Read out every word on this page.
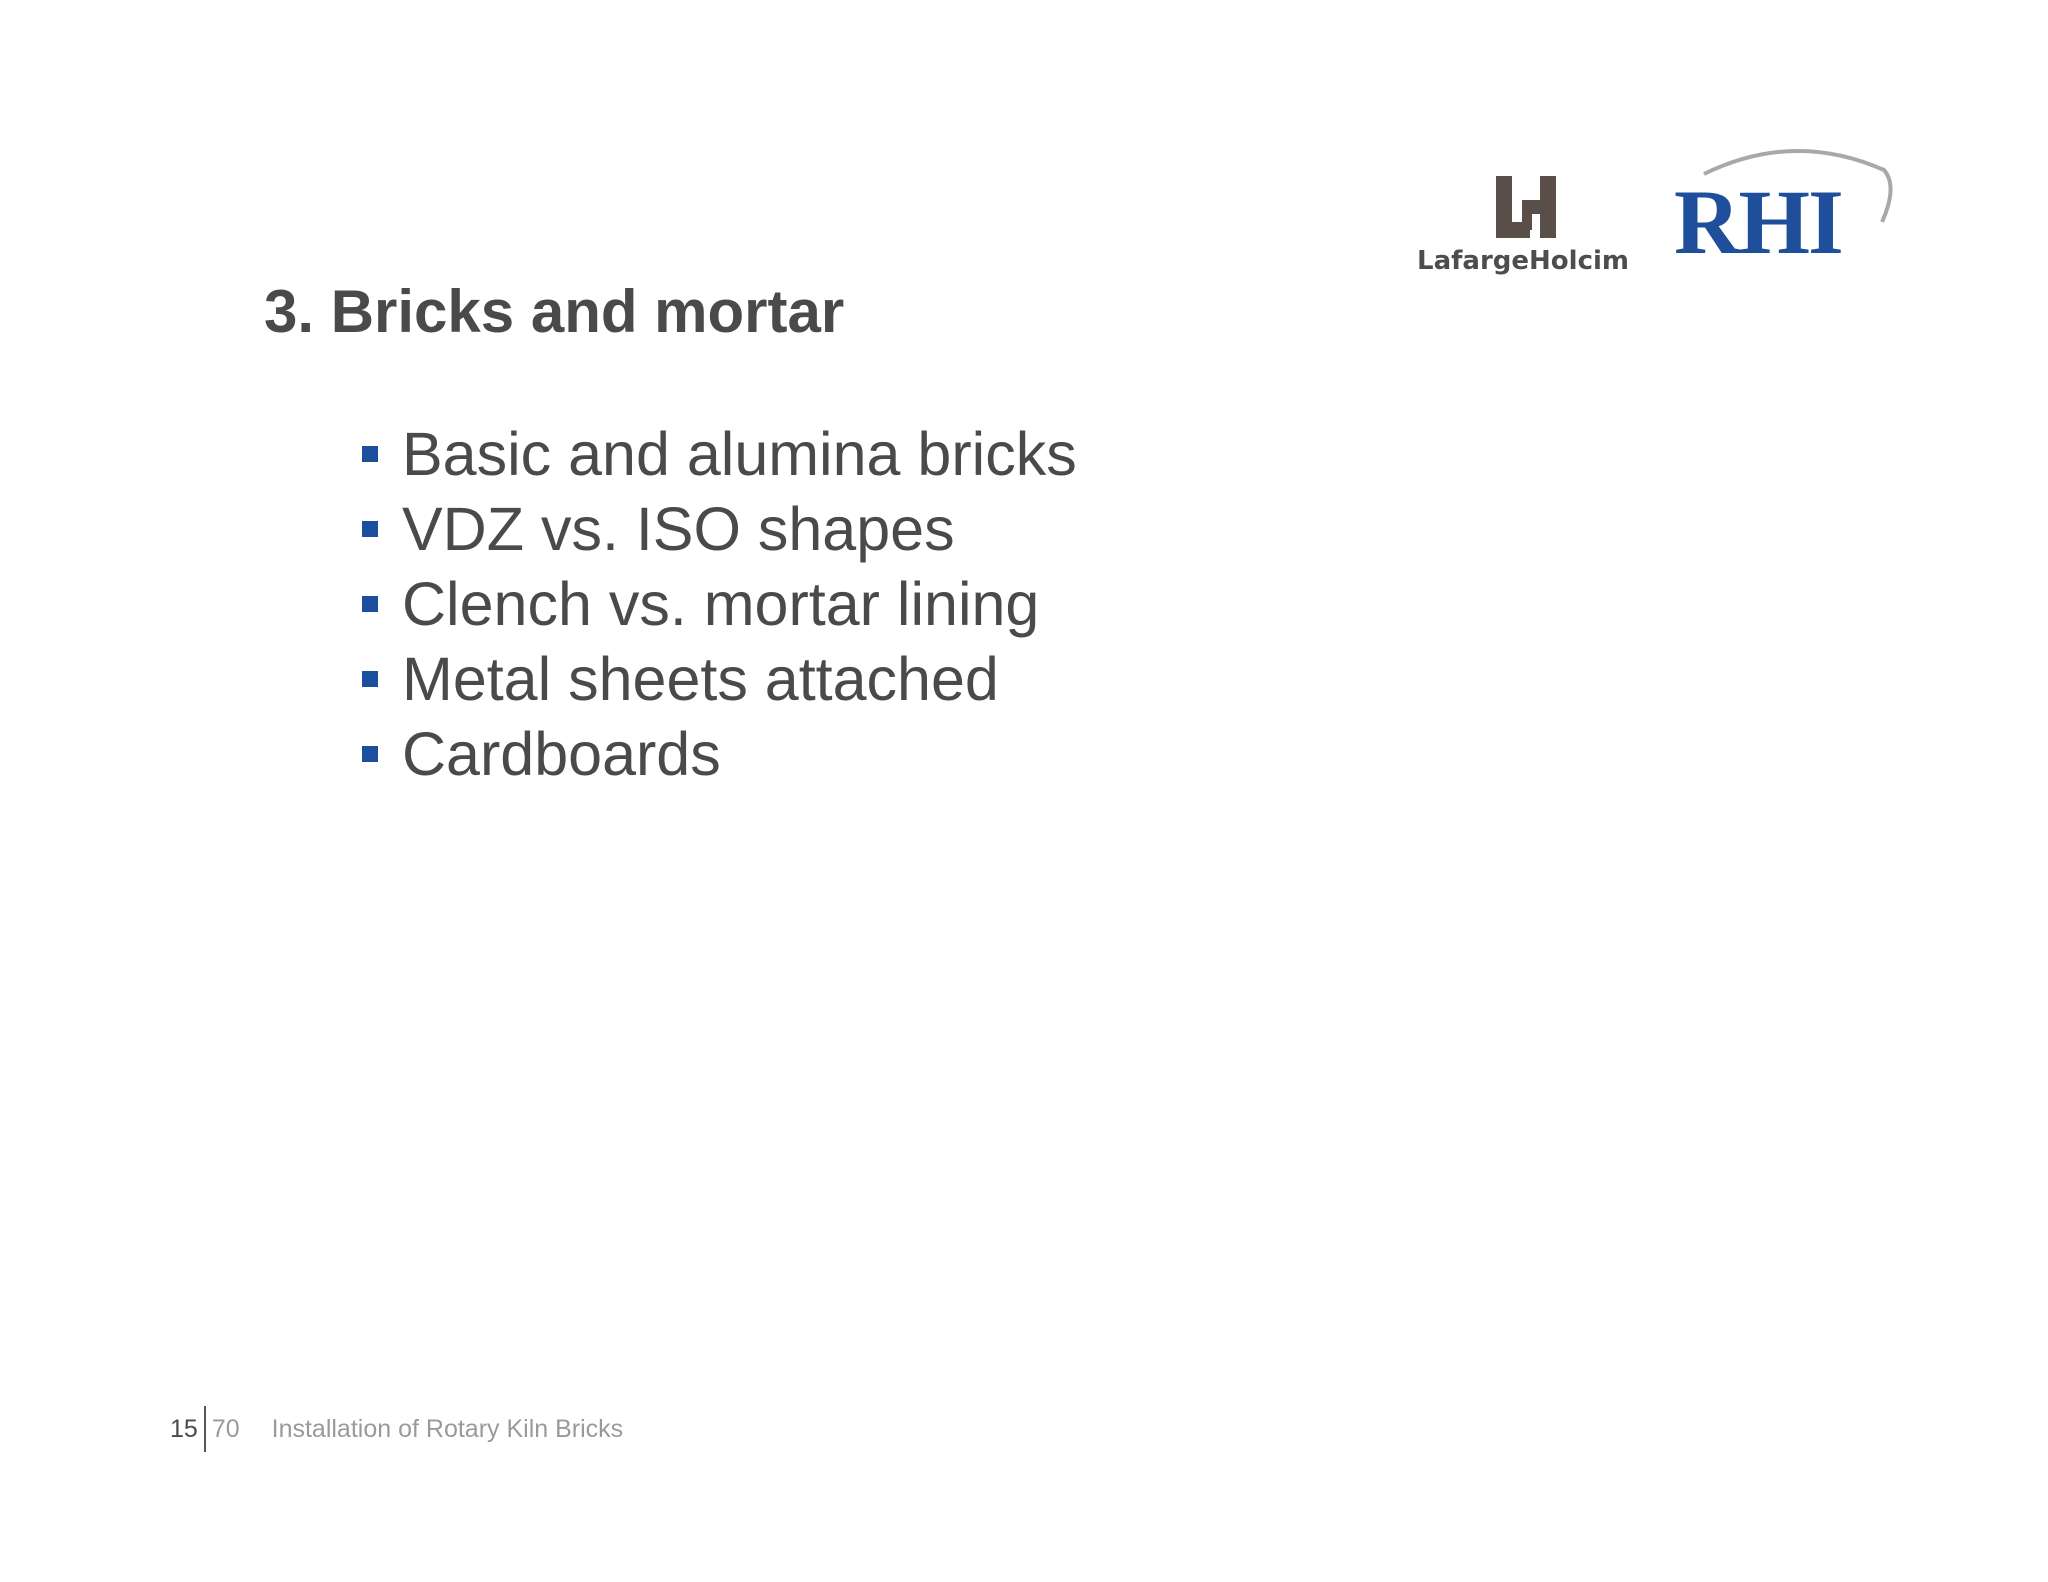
LafargeHolcim RHI
3. Bricks and mortar
Basic and alumina bricks
VDZ vs. ISO shapes
Clench vs. mortar lining
Metal sheets attached
Cardboards
15 70 Installation of Rotary Kiln Bricks
